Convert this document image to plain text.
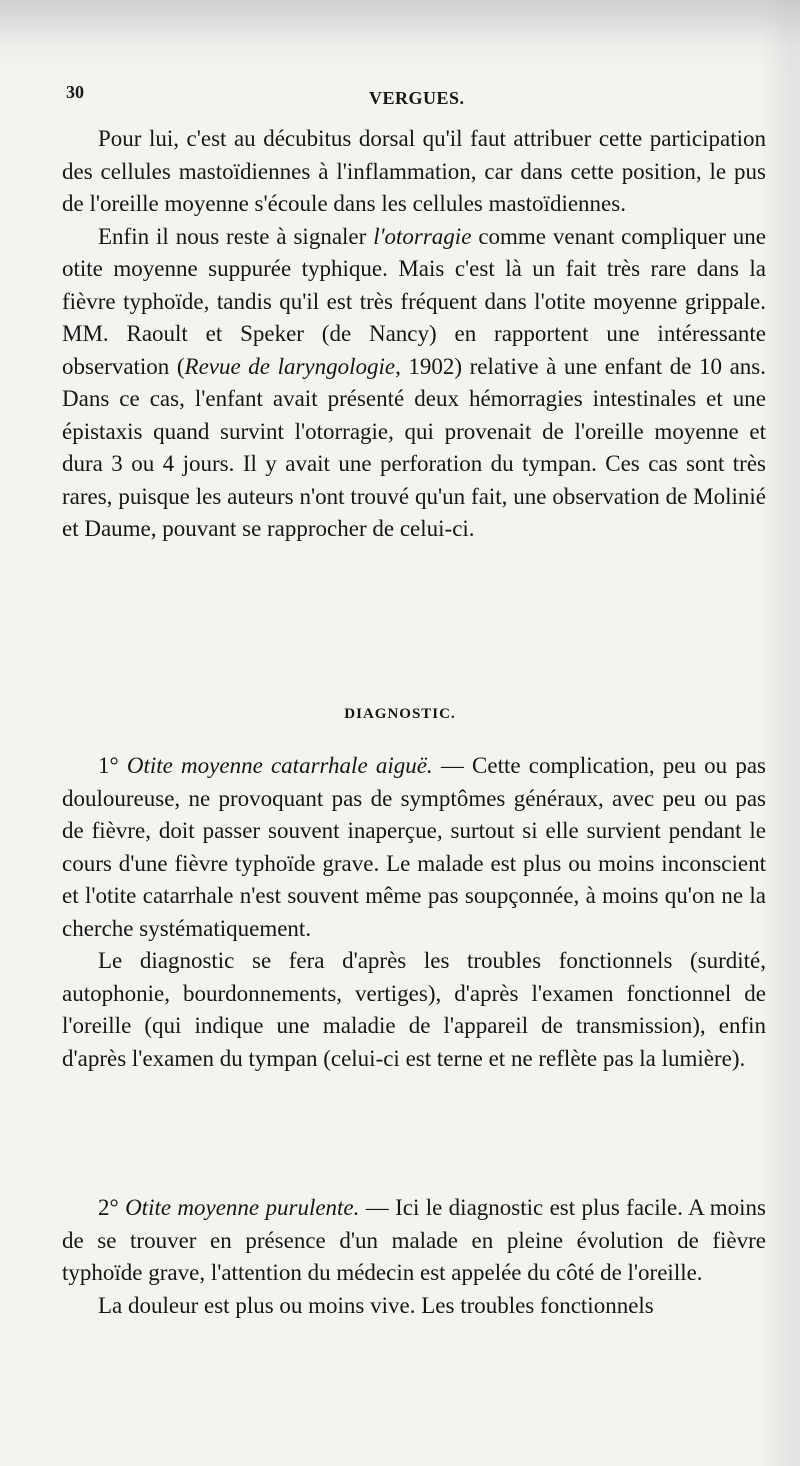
30	VERGUES.

Pour lui, c'est au décubitus dorsal qu'il faut attribuer cette participation des cellules mastoïdiennes à l'inflammation, car dans cette position, le pus de l'oreille moyenne s'écoule dans les cellules mastoïdiennes.

Enfin il nous reste à signaler l'otorragie comme venant compliquer une otite moyenne suppurée typhique. Mais c'est là un fait très rare dans la fièvre typhoïde, tandis qu'il est très fréquent dans l'otite moyenne grippale. MM. Raoult et Speker (de Nancy) en rapportent une intéressante observation (Revue de laryngologie, 1902) relative à une enfant de 10 ans. Dans ce cas, l'enfant avait présenté deux hémorragies intestinales et une épistaxis quand survint l'otorragie, qui provenait de l'oreille moyenne et dura 3 ou 4 jours. Il y avait une perforation du tympan. Ces cas sont très rares, puisque les auteurs n'ont trouvé qu'un fait, une observation de Molinié et Daume, pouvant se rapprocher de celui-ci.

DIAGNOSTIC.

1° Otite moyenne catarrhale aiguë. — Cette complication, peu ou pas douloureuse, ne provoquant pas de symptômes généraux, avec peu ou pas de fièvre, doit passer souvent inaperçue, surtout si elle survient pendant le cours d'une fièvre typhoïde grave. Le malade est plus ou moins inconscient et l'otite catarrhale n'est souvent même pas soupçonnée, à moins qu'on ne la cherche systématiquement.

Le diagnostic se fera d'après les troubles fonctionnels (surdité, autophonie, bourdonnements, vertiges), d'après l'examen fonctionnel de l'oreille (qui indique une maladie de l'appareil de transmission), enfin d'après l'examen du tympan (celui-ci est terne et ne reflète pas la lumière).

2° Otite moyenne purulente. — Ici le diagnostic est plus facile. A moins de se trouver en présence d'un malade en pleine évolution de fièvre typhoïde grave, l'attention du médecin est appelée du côté de l'oreille.

La douleur est plus ou moins vive. Les troubles fonctionnels
